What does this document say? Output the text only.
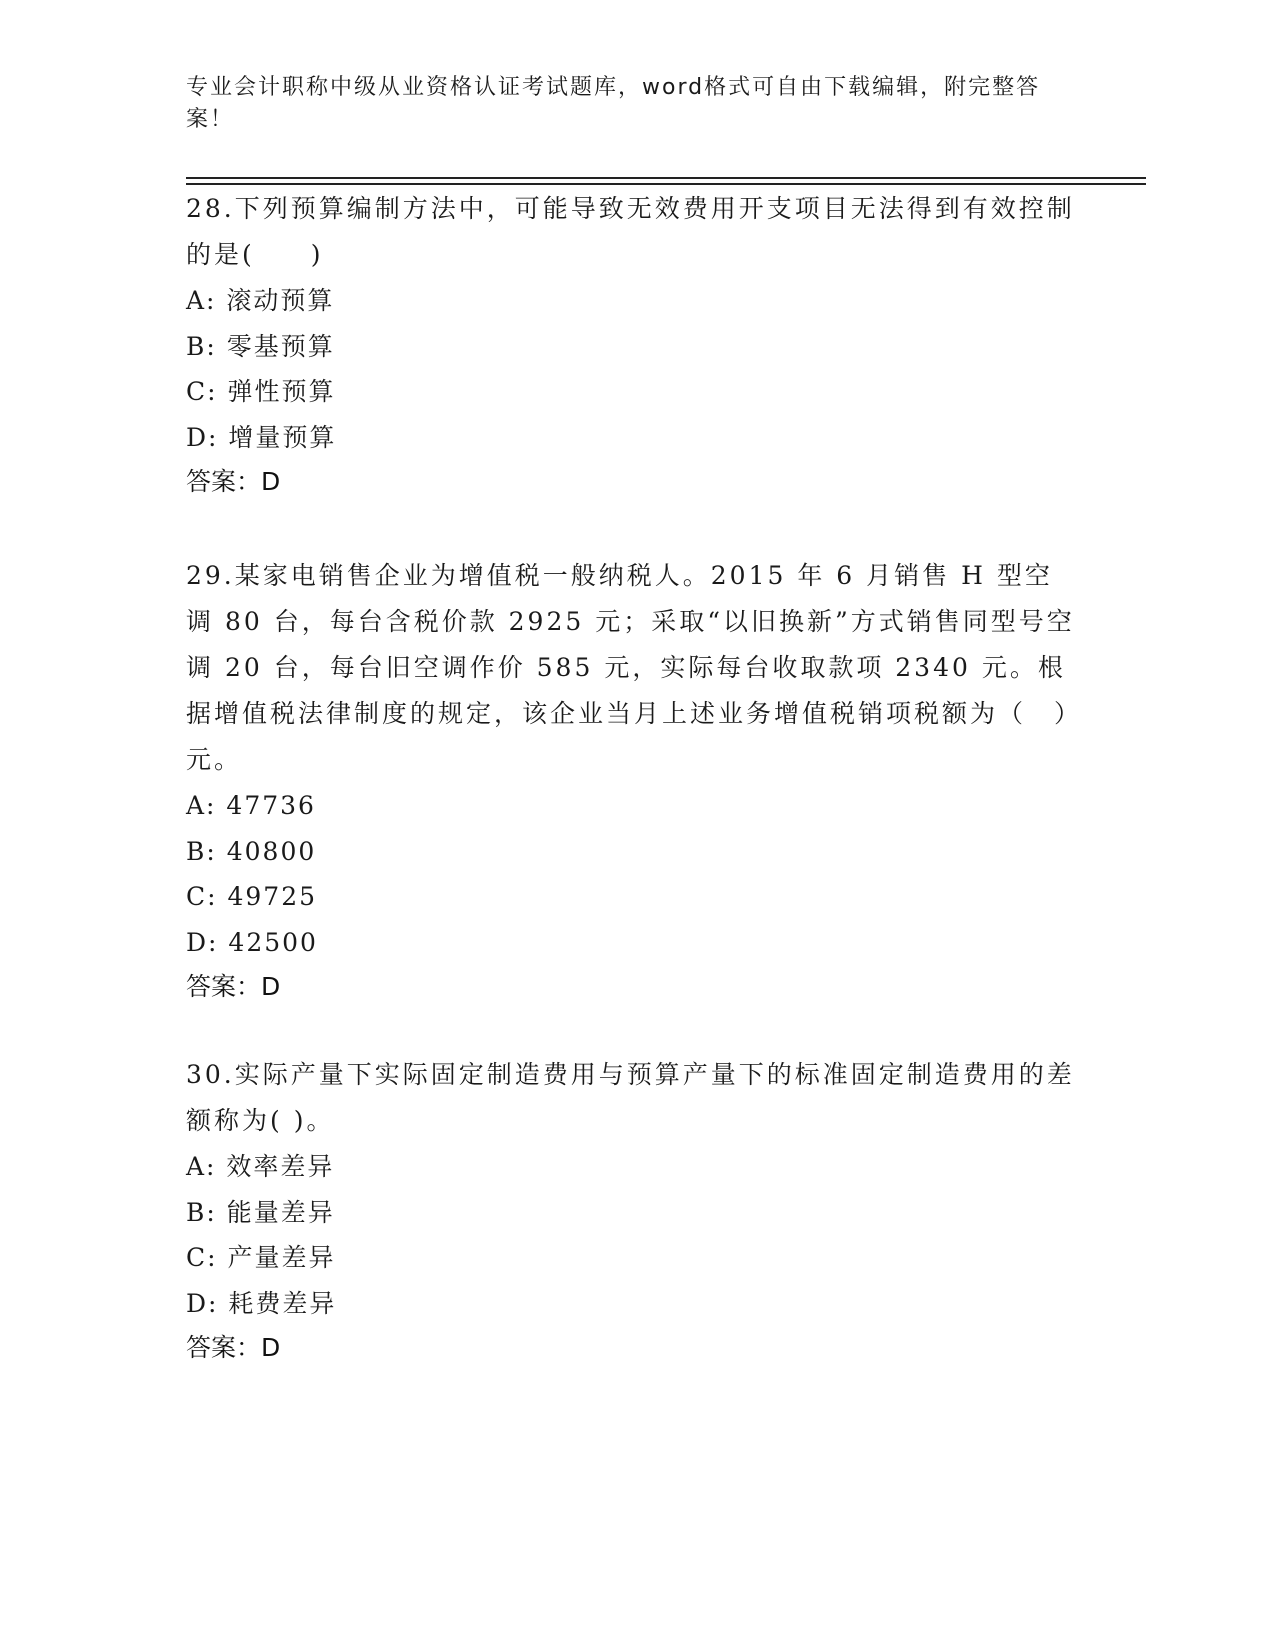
专业会计职称中级从业资格认证考试题库，word格式可自由下载编辑，附完整答案！

28.下列预算编制方法中，可能导致无效费用开支项目无法得到有效控制的是(　　)

A: 滚动预算

B: 零基预算

C: 弹性预算

D: 增量预算

答案：D

29.某家电销售企业为增值税一般纳税人。2015 年 6 月销售 H 型空调 80 台，每台含税价款 2925 元；采取“以旧换新”方式销售同型号空调 20 台，每台旧空调作价 585 元，实际每台收取款项 2340 元。根据增值税法律制度的规定，该企业当月上述业务增值税销项税额为（　）元。

A: 47736

B: 40800

C: 49725

D: 42500

答案：D

30.实际产量下实际固定制造费用与预算产量下的标准固定制造费用的差额称为( )。

A: 效率差异

B: 能量差异

C: 产量差异

D: 耗费差异

答案：D
